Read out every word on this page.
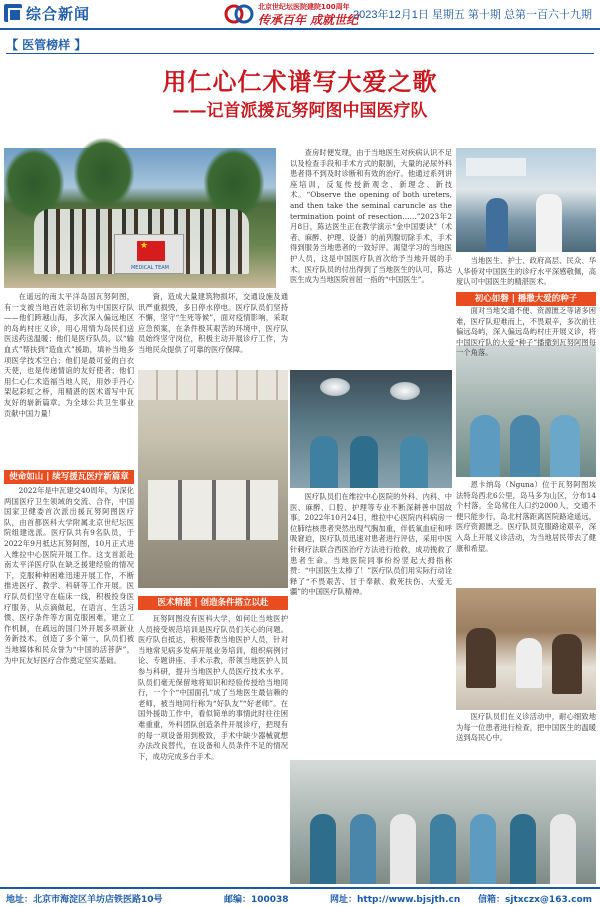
综合新闻	北京世纪坛医院建院100周年
传承百年 成就世纪
2023年12月1日 星期五 第十期 总第一百六十九期
【 医管榜样 】
用仁心仁术谱写大爱之歌
——记首派援瓦努阿图中国医疗队
★
MEDICAL TEAM
使命如山 | 续写援瓦医疗新篇章
医术精湛 | 创造条件搭立以赴
初心如磐 | 播撒大爱的种子

在遥远的南太平洋岛国瓦努阿图，有一支被当地百姓亲切称为中国医疗队——他们跨越山海，多次深入偏远地区的岛屿村庄义诊，用心用情为岛民们送医送药送温暖；他们是医疗队员，以“输血式”帮扶到“造血式”援助，填补当地多项医学技术空白；他们是最可爱的白衣天使，也是传递情谊的友好使者；他们用仁心仁术造福当地人民，用妙手丹心架起彩虹之桥，用精湛的医术谱写中瓦友好的崭新篇章。为全球公共卫生事业贡献中国力量！

2022年是中瓦建交40周年，为深化两国医疗卫生领域的交流、合作，中国国家卫健委首次派出援瓦努阿图医疗队，由首都医科大学附属北京世纪坛医院组建选派。医疗队共有9名队员，于2022年9月抵达瓦努阿图，10月正式进入维拉中心医院开展工作。这支首派赴南太平洋医疗队在缺乏援建经验的情况下，克服种种困难迅速开展工作，不断推进医疗、教学、科研等工作开展。医疗队员们坚守在临床一线，积极投身医疗服务，从点滴做起，在语言、生活习惯、医疗条件等方面克服困难，建立工作机制，在疏远的国门外开展多项新业务新技术，创造了多个第一，队员们被当地媒体和民众誉为“中国的活菩萨”，为中瓦友好医疗合作奠定坚实基础。

資，造成大量建筑物损坏，交通设施及通讯严重损毁，多日停水停电。医疗队员们坚持不懈，坚守“生死等候”，面对疫情影响，采取应急预案，在条件极其艰苦的环境中，医疗队员始终坚守岗位，积极主动开展诊疗工作，为当地民众提供了可靠的医疗保障。

瓦努阿图没有医科大学，如何让当地医护人员接受规范培训是医疗队员们关心的问题。医疗队自抵达，积极带教当地医护人员，针对当地常见病多发病开展业务培训，组织病例讨论、专题讲座、手术示教，带领当地医护人员参与科研，提升当地医护人员医疗技术水平。队员们毫无保留地将知识和经验传授给当地同行，一个个“中国面孔”成了当地医生最信赖的老师，被当地同行称为“好队友”“好老师”。在国外援助工作中，看似简单的事情此时往往困难重重，外科团队创造条件开展诊疗，把现有的每一项设备用到极致，手术中缺少器械就想办法改良替代，在设备和人员条件不足的情况下，成功完成多台手术。

查房时便发现，由于当地医生对疾病认识不足以及检查手段和手术方式的限制，大量的泌尿外科患者得不到及时诊断和有效的治疗。他通过系列讲座培训，反复传授新观念、新理念、新技术。“Observe the opening of both ureters, and then take the seminal caruncle as the termination point of resection……”2023年2月8日，陈达医生正在教学演示“金中国要诀”（术者、麻醉、护理、设备）的前列腺切除手术，手术得到服务当地患者的一致好评。渴望学习的当地医护人员，这是中国医疗队首次给予当地开展的手术。医疗队员的付出得到了当地医生的认可，陈达医生成为当地医院首屈一指的“中国医生”。

医疗队员们在维拉中心医院的外科、内科、中医、麻醉、口腔、护理等专业不断深耕善中国故事。2022年10月24日，维拉中心医院内科病房一位肺结核患者突然出现气胸加重，伴低氧血症和呼吸窘迫，医疗队员迅速对患者进行评估，采用中医针刺疗法联合西医治疗方法进行抢救，成功挽救了患者生命。当地医院同事纷纷竖起大拇指称赞：“中国医生太棒了！”医疗队员们用实际行动诠释了“不畏艰苦、甘于奉献、救死扶伤、大爱无疆”的中国医疗队精神。

当地医生、护士、政府高层、民众、华人华侨对中国医生的诊疗水平深感敬佩，高度认可中国医生的精湛医术。

面对当地交通不便、资源匮乏等诸多困难，医疗队迎难而上，不畏艰辛，多次前往偏远岛屿，深入偏远岛屿村庄开展义诊，将中国医疗队的大爱“种子”播撒到瓦努阿图每一个角落。

恩卡纳岛（Nguna）位于瓦努阿图埃法特岛西北6公里，岛马多为山区，分布14个村落，全岛常住人口约2000人，交通不便只能步行，岛北村落距离医院路途遥远，医疗资源匮乏。医疗队员克服路途艰辛，深入岛上开展义诊活动，为当地居民带去了健康和希望。

医疗队员们在义诊活动中，耐心细致地为每一位患者进行检查，把中国医生的温暖送到岛民心中。

地址：北京市海淀区羊坊店铁医路10号	邮编：100038	网址：http://www.bjsjth.cn 信箱：sjtxczx@163.com
